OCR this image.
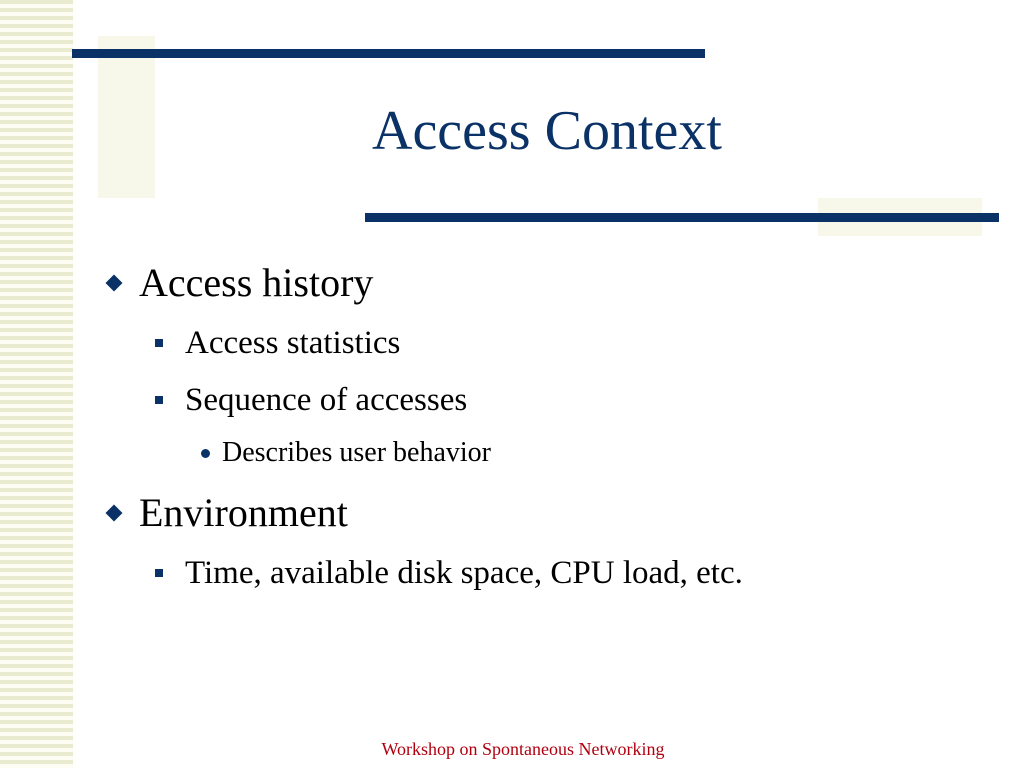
Access Context
Access history
Access statistics
Sequence of accesses
Describes user behavior
Environment
Time, available disk space, CPU load, etc.
Workshop on Spontaneous Networking
